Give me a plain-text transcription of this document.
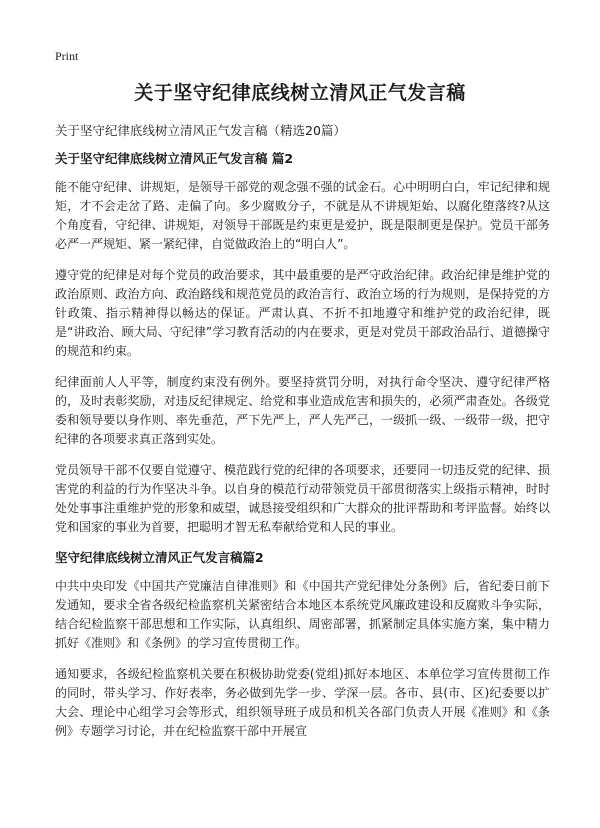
Print
关于坚守纪律底线树立清风正气发言稿

关于坚守纪律底线树立清风正气发言稿（精选20篇）

关于坚守纪律底线树立清风正气发言稿 篇2

能不能守纪律、讲规矩，是领导干部党的观念强不强的试金石。心中明明白白，牢记纪律和规矩，才不会走岔了路、走偏了向。多少腐败分子，不就是从不讲规矩始、以腐化堕落终?从这个角度看，守纪律、讲规矩，对领导干部既是约束更是爱护，既是限制更是保护。党员干部务必严一严规矩、紧一紧纪律，自觉做政治上的“明白人”。

遵守党的纪律是对每个党员的政治要求，其中最重要的是严守政治纪律。政治纪律是维护党的政治原则、政治方向、政治路线和规范党员的政治言行、政治立场的行为规则，是保持党的方针政策、指示精神得以畅达的保证。严肃认真、不折不扣地遵守和维护党的政治纪律，既是“讲政治、顾大局、守纪律”学习教育活动的内在要求，更是对党员干部政治品行、道德操守的规范和约束。

纪律面前人人平等，制度约束没有例外。要坚持赏罚分明，对执行命令坚决、遵守纪律严格的，及时表彰奖励，对违反纪律规定、给党和事业造成危害和损失的，必须严肃查处。各级党委和领导要以身作则、率先垂范，严下先严上，严人先严己，一级抓一级、一级带一级，把守纪律的各项要求真正落到实处。

党员领导干部不仅要自觉遵守、模范践行党的纪律的各项要求，还要同一切违反党的纪律、损害党的利益的行为作坚决斗争。以自身的模范行动带领党员干部贯彻落实上级指示精神，时时处处事事注重维护党的形象和威望，诚恳接受组织和广大群众的批评帮助和考评监督。始终以党和国家的事业为首要，把聪明才智无私奉献给党和人民的事业。

坚守纪律底线树立清风正气发言稿篇2

中共中央印发《中国共产党廉洁自律准则》和《中国共产党纪律处分条例》后，省纪委日前下发通知，要求全省各级纪检监察机关紧密结合本地区本系统党风廉政建设和反腐败斗争实际，结合纪检监察干部思想和工作实际，认真组织、周密部署，抓紧制定具体实施方案，集中精力抓好《准则》和《条例》的学习宣传贯彻工作。

通知要求，各级纪检监察机关要在积极协助党委(党组)抓好本地区、本单位学习宣传贯彻工作的同时，带头学习、作好表率，务必做到先学一步、学深一层。各市、县(市、区)纪委要以扩大会、理论中心组学习会等形式，组织领导班子成员和机关各部门负责人开展《准则》和《条例》专题学习讨论，并在纪检监察干部中开展宣
